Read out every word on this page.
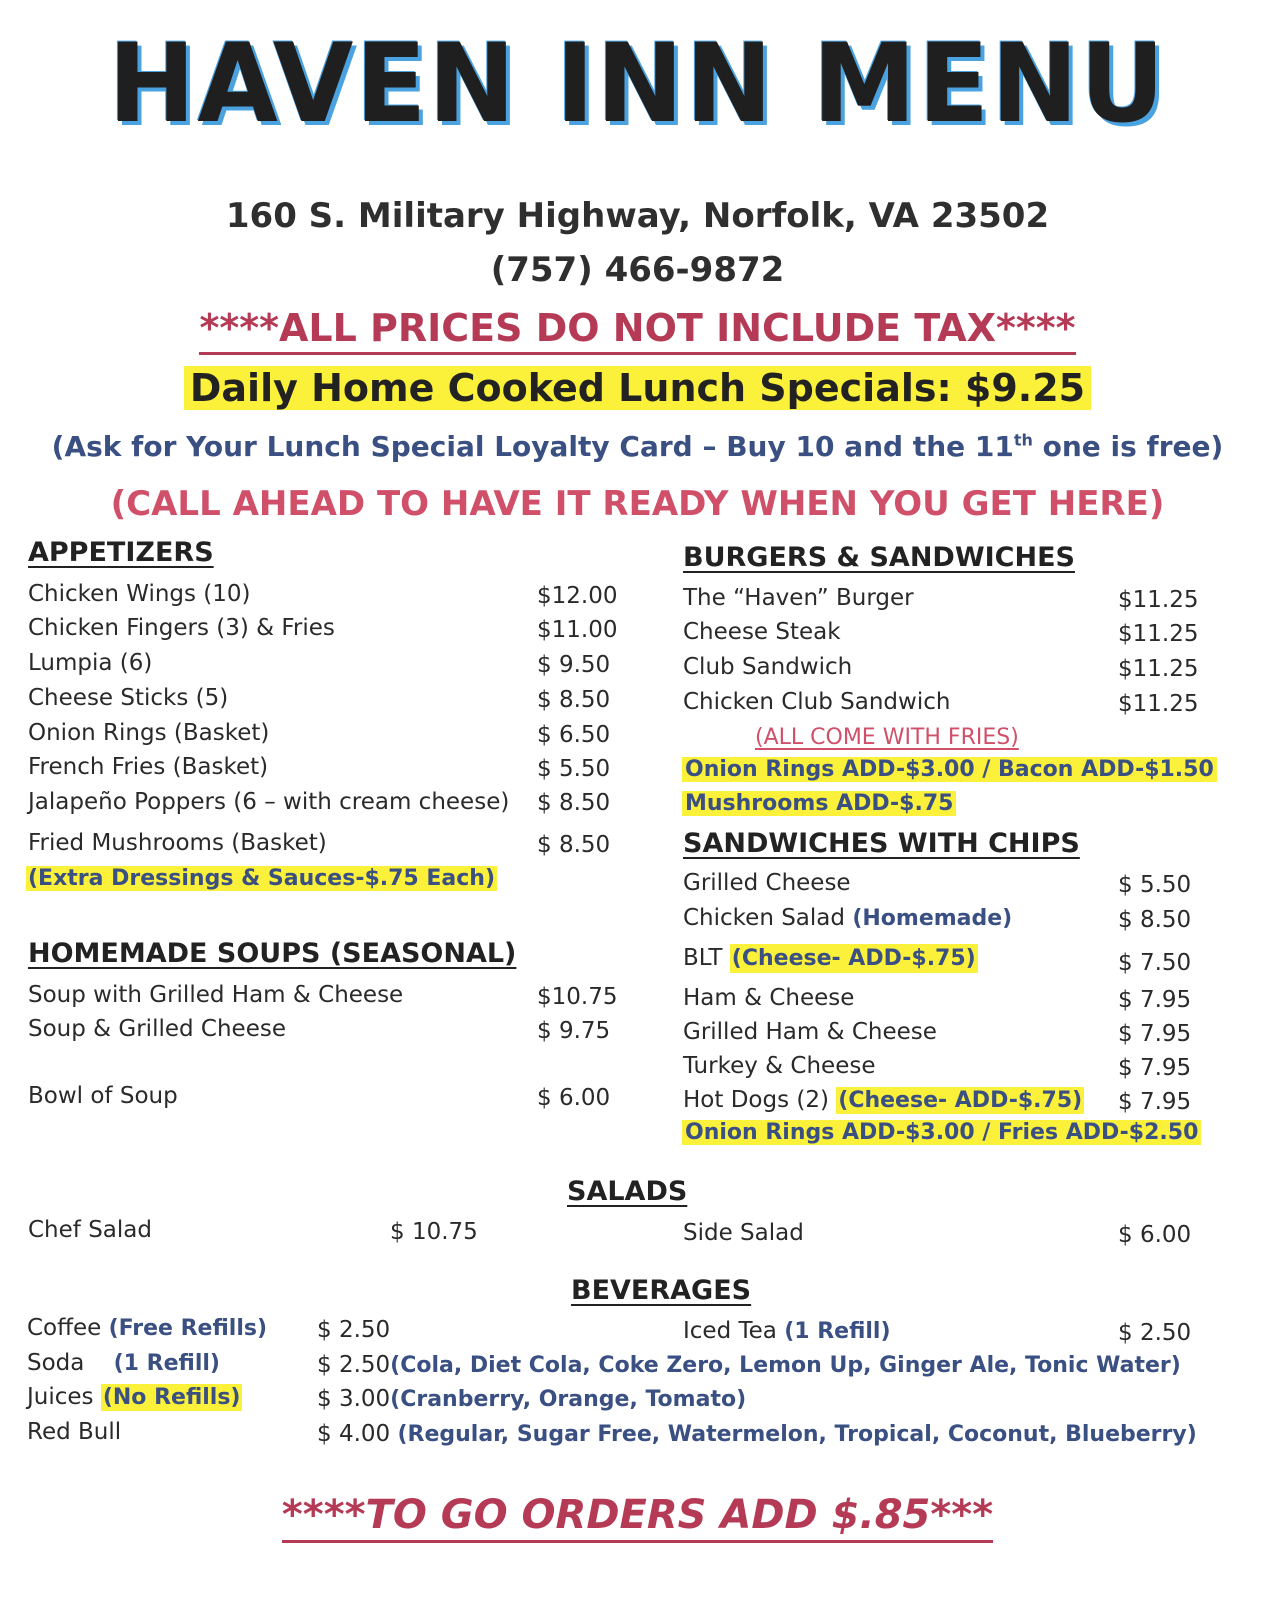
HAVEN INN MENU
160 S. Military Highway, Norfolk, VA 23502
(757) 466-9872
****ALL PRICES DO NOT INCLUDE TAX****
Daily Home Cooked Lunch Specials: $9.25
(Ask for Your Lunch Special Loyalty Card – Buy 10 and the 11th one is free)
(CALL AHEAD TO HAVE IT READY WHEN YOU GET HERE)
APPETIZERS
Chicken Wings (10)	$12.00
Chicken Fingers (3) & Fries	$11.00
Lumpia (6)	$ 9.50
Cheese Sticks (5)	$ 8.50
Onion Rings (Basket)	$ 6.50
French Fries (Basket)	$ 5.50
Jalapeño Poppers (6 – with cream cheese) $ 8.50
Fried Mushrooms (Basket)	$ 8.50
(Extra Dressings & Sauces-$.75 Each)
HOMEMADE SOUPS (SEASONAL)
Soup with Grilled Ham & Cheese	$10.75
Soup & Grilled Cheese	$ 9.75
Bowl of Soup	$ 6.00
BURGERS & SANDWICHES
The “Haven” Burger	$11.25
Cheese Steak	$11.25
Club Sandwich	$11.25
Chicken Club Sandwich	$11.25
(ALL COME WITH FRIES)
Onion Rings ADD-$3.00 / Bacon ADD-$1.50
Mushrooms ADD-$.75
SANDWICHES WITH CHIPS
Grilled Cheese	$ 5.50
Chicken Salad (Homemade)	$ 8.50
BLT (Cheese- ADD-$.75)	$ 7.50
Ham & Cheese	$ 7.95
Grilled Ham & Cheese	$ 7.95
Turkey & Cheese	$ 7.95
Hot Dogs (2) (Cheese- ADD-$.75) $ 7.95
Onion Rings ADD-$3.00 / Fries ADD-$2.50
SALADS
Chef Salad	$ 10.75	Side Salad	$ 6.00
BEVERAGES
Coffee (Free Refills) $ 2.50	Iced Tea (1 Refill)	$ 2.50
Soda (1 Refill)	$ 2.50(Cola, Diet Cola, Coke Zero, Lemon Up, Ginger Ale, Tonic Water)
Juices (No Refills)	$ 3.00(Cranberry, Orange, Tomato)
Red Bull	$ 4.00 (Regular, Sugar Free, Watermelon, Tropical, Coconut, Blueberry)
****TO GO ORDERS ADD $.85***
